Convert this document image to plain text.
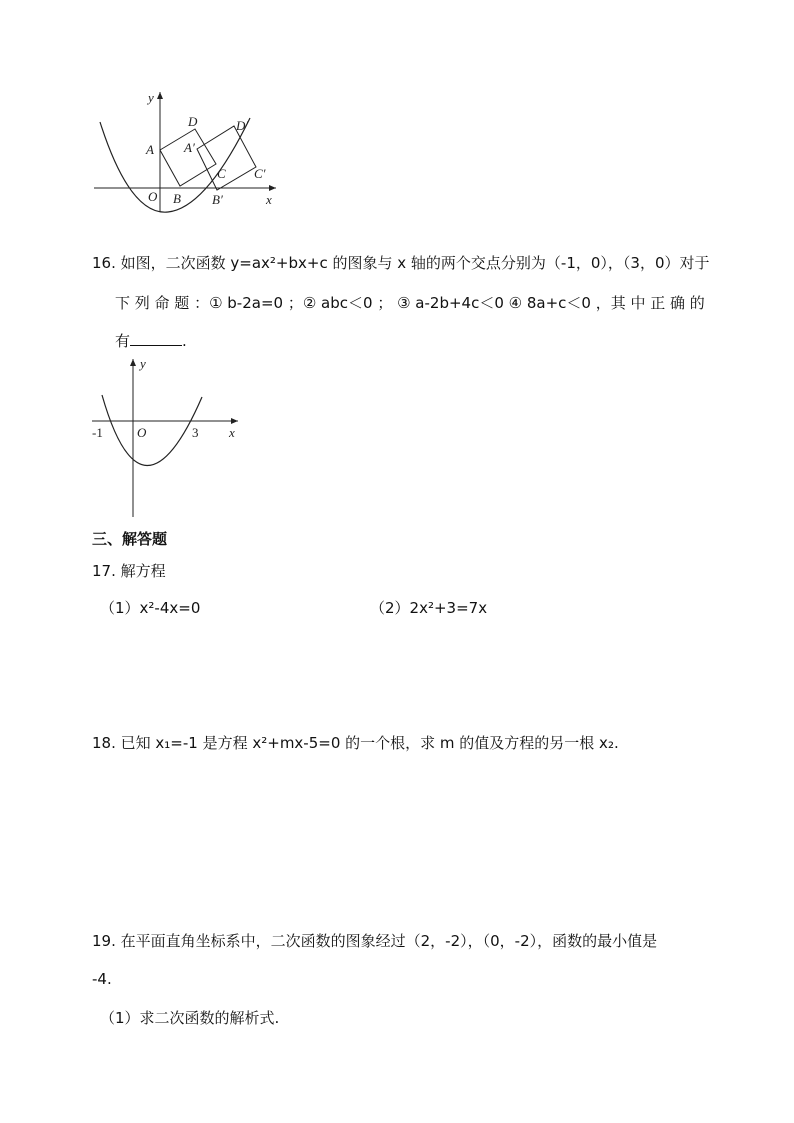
y
x
O
A
B
C
D
A′
B′
C′
D′
16. 如图，二次函数 y=ax²+bx+c 的图象与 x 轴的两个交点分别为（-1，0），（3，0）对于
下 列 命 题 ：① b-2a=0 ；② abc＜0 ； ③ a-2b+4c＜0 ④ 8a+c＜0 ，其 中 正 确 的
有	.
y
x
O
-1	3
三、解答题
17. 解方程
（1）x²-4x=0	（2）2x²+3=7x
18. 已知 x₁=-1 是方程 x²+mx-5=0 的一个根，求 m 的值及方程的另一根 x₂.
19. 在平面直角坐标系中，二次函数的图象经过（2，-2），（0，-2），函数的最小值是
-4.
（1）求二次函数的解析式.
